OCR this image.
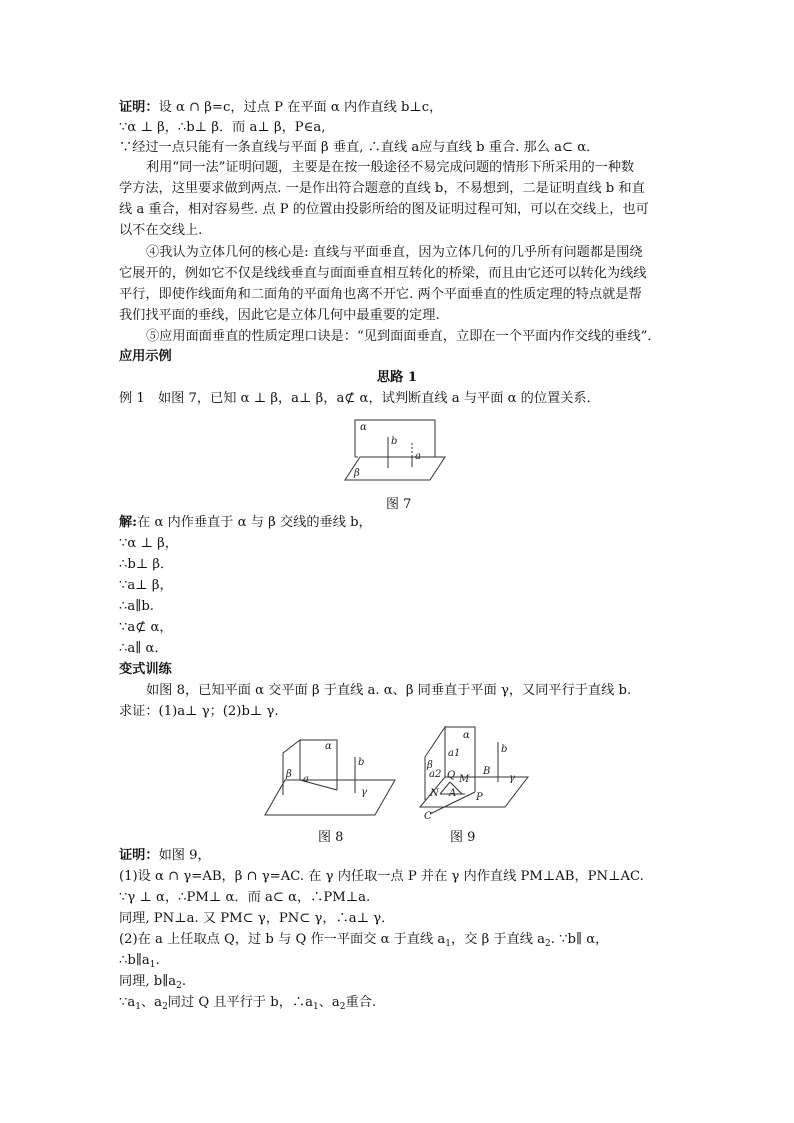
证明：设 α ∩ β=c，过点 P 在平面 α 内作直线 b⊥c，
∵α ⊥ β，∴b⊥ β．而 a⊥ β，P∈a,
∵经过一点只能有一条直线与平面 β 垂直, ∴直线 a应与直线 b 重合. 那么 a⊂ α．
利用“同一法”证明问题，主要是在按一般途径不易完成问题的情形下所采用的一种数
学方法，这里要求做到两点. 一是作出符合题意的直线 b，不易想到，二是证明直线 b 和直
线 a 重合，相对容易些. 点 P 的位置由投影所给的图及证明过程可知，可以在交线上，也可
以不在交线上.
④我认为立体几何的核心是: 直线与平面垂直，因为立体几何的几乎所有问题都是围绕
它展开的，例如它不仅是线线垂直与面面垂直相互转化的桥梁，而且由它还可以转化为线线
平行，即使作线面角和二面角的平面角也离不开它. 两个平面垂直的性质定理的特点就是帮
我们找平面的垂线，因此它是立体几何中最重要的定理.
⑤应用面面垂直的性质定理口诀是：“见到面面垂直，立即在一个平面内作交线的垂线”．
应用示例
思路 1
例 1　如图 7，已知 α ⊥ β，a⊥ β，a⊄ α，试判断直线 a 与平面 α 的位置关系．
α
β
b
a
图 7
解:在 α 内作垂直于 α 与 β 交线的垂线 b，
∵α ⊥ β，
∴b⊥ β．
∵a⊥ β，
∴a∥b.
∵a⊄ α，
∴a∥ α．
变式训练
如图 8，已知平面 α 交平面 β 于直线 a. α、β 同垂直于平面 γ，又同平行于直线 b.
求证：(1)a⊥ γ；(2)b⊥ γ.
α
β a
b
γ
图 8
α
a1
β
a2 Q M
B
b
γ
N A P
C
图 9
证明：如图 9，
(1)设 α ∩ γ=AB，β ∩ γ=AC. 在 γ 内任取一点 P 并在 γ 内作直线 PM⊥AB，PN⊥AC.
∵γ ⊥ α，∴PM⊥ α．而 a⊂ α，∴PM⊥a.
同理, PN⊥a. 又 PM⊂ γ，PN⊂ γ，∴a⊥ γ．
(2)在 a 上任取点 Q，过 b 与 Q 作一平面交 α 于直线 $a_1$，交 β 于直线 $a_2$. ∵b∥ α，
$\therefore b\parallel a_1$.
同理, $b\parallel a_2$.
$\because a_1$、$a_2$同过 Q 且平行于 b，$\therefore a_1$、$a_2$重合.
